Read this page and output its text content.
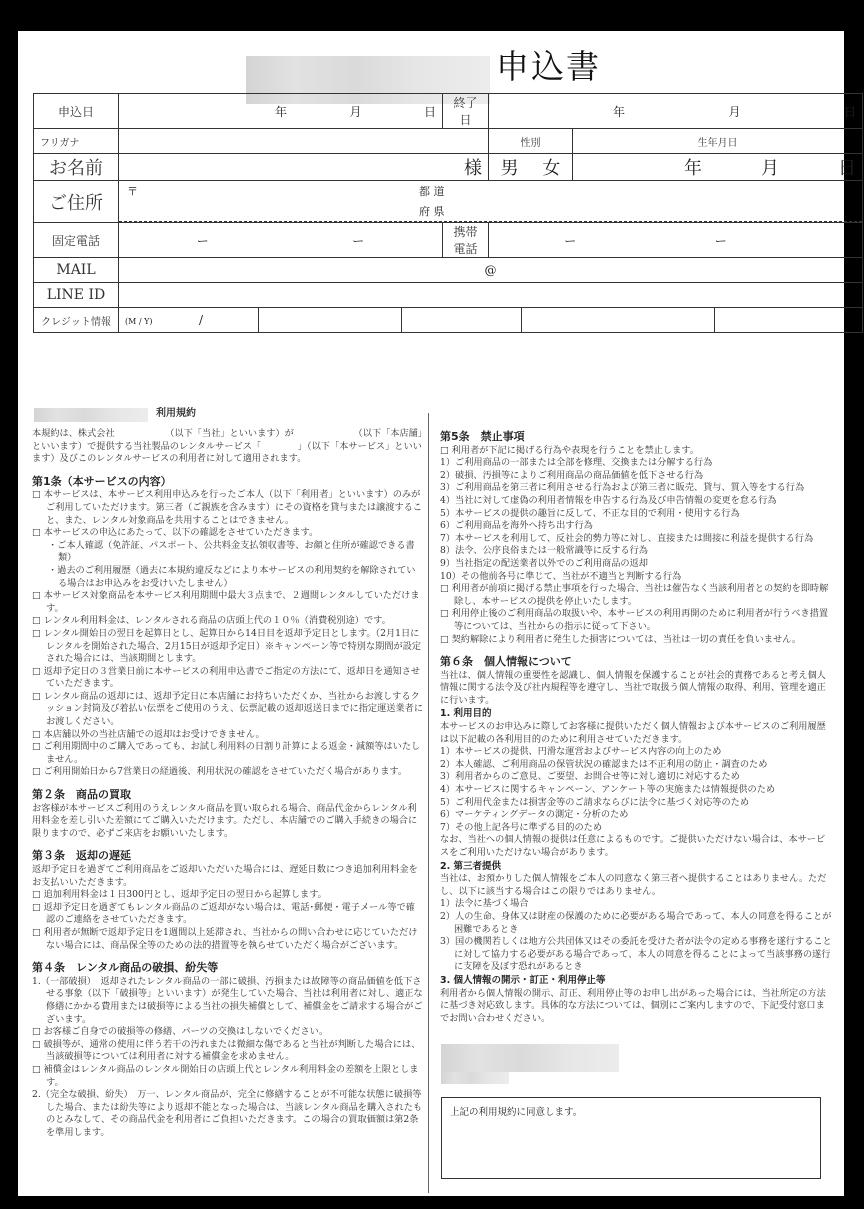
申込書
申込日	年 月 日			終了日	年 月 日			

フリガナ					性別		生年月日	
お名前	様				男 女		年 月 日	

ご住所	〒 都 道
府 県							

固定電話	ー ー			携帯電話	ー ー			

MAIL	@							
LINE ID								
クレジット情報	(M / Y) /							
利用規約

本規約は、株式会社　　　　　　（以下「当社」といいます）が　　　　　　　（以下「本店舗」といいます）で提供する当社製品のレンタルサービス「　　　　」（以下「本サービス」といいます）及びこのレンタルサービスの利用者に対して適用されます。

第1条（本サービスの内容）

□ 本サービスは、本サービス利用申込みを行ったご本人（以下「利用者」といいます）のみがご利用していただけます。第三者（ご親族を含みます）にその資格を貸与または譲渡すること、また、レンタル対象商品を共用することはできません。

□ 本サービスの申込にあたって、以下の確認をさせていただきます。

・ご本人確認（免許証、パスポート、公共料金支払領収書等、お顔と住所が確認できる書類）

・過去のご利用履歴（過去に本規約違反などにより本サービスの利用契約を解除されている場合はお申込みをお受けいたしません）

□ 本サービス対象商品を本サービス利用期間中最大３点まで、２週間レンタルしていただけます。

□ レンタル利用料金は、レンタルされる商品の店頭上代の１０％（消費税別途）です。

□ レンタル開始日の翌日を起算日とし、起算日から14日目を返却予定日とします。（2月1日にレンタルを開始された場合、2月15日が返却予定日）※キャンペーン等で特別な期間が設定された場合には、当該期間とします。

□ 返却予定日の３営業日前に本サービスの利用申込書でご指定の方法にて、返却日を通知させていただきます。

□ レンタル商品の返却には、返却予定日に本店舗にお持ちいただくか、当社からお渡しするクッション封筒及び着払い伝票をご使用のうえ、伝票記載の返却返送日までに指定運送業者にお渡しください。

□ 本店舗以外の当社店舗での返却はお受けできません。

□ ご利用期間中のご購入であっても、お試し利用料の日割り計算による返金・減額等はいたしません。

□ ご利用開始日から7営業日の経過後、利用状況の確認をさせていただく場合があります。

第２条　商品の買取

お客様が本サービスご利用のうえレンタル商品を買い取られる場合、商品代金からレンタル利用料金を差し引いた差額にてご購入いただけます。ただし、本店舗でのご購入手続きの場合に限りますので、必ずご来店をお願いいたします。

第３条　返却の遅延

返却予定日を過ぎてご利用商品をご返却いただいた場合には、遅延日数につき追加利用料金をお支払いいただきます。

□ 追加利用料金は１日300円とし、返却予定日の翌日から起算します。

□ 返却予定日を過ぎてもレンタル商品のご返却がない場合は、電話･郵便・電子メール等で確認のご連絡をさせていただきます。

□ 利用者が無断で返却予定日を1週間以上延滞され、当社からの問い合わせに応じていただけない場合には、商品保全等のための法的措置等を執らせていただく場合がございます。

第４条　レンタル商品の破損、紛失等

1.（一部破損）　返却されたレンタル商品の一部に破損、汚損または故障等の商品価値を低下させる事象（以下「破損等」といいます）が発生していた場合、当社は利用者に対し、適正な修繕にかかる費用または破損等による当社の損失補償として、補償金をご請求する場合がございます。

□ お客様ご自身での破損等の修繕、パーツの交換はしないでください。

□ 破損等が、通常の使用に伴う若干の汚れまたは微細な傷であると当社が判断した場合には、当該破損等については利用者に対する補償金を求めません。

□ 補償金はレンタル商品のレンタル開始日の店頭上代とレンタル利用料金の差額を上限とします。

2.（完全な破損、紛失）　万一、レンタル商品が、完全に修繕することが不可能な状態に破損等した場合、または紛失等により返却不能となった場合は、当該レンタル商品を購入されたものとみなして、その商品代金を利用者にご負担いただきます。この場合の買取価額は第2条を準用します。

第5条　禁止事項

□ 利用者が下記に掲げる行為や表現を行うことを禁止します。

1）ご利用商品の一部または全部を修理、交換または分解する行為

2）破損、汚損等によりご利用商品の商品価値を低下させる行為

3）ご利用商品を第三者に利用させる行為および第三者に販売、貸与、質入等をする行為

4）当社に対して虚偽の利用者情報を申告する行為及び申告情報の変更を怠る行為

5）本サービスの提供の趣旨に反して、不正な目的で利用・使用する行為

6）ご利用商品を海外へ持ち出す行為

7）本サービスを利用して、反社会的勢力等に対し、直接または間接に利益を提供する行為

8）法令、公序良俗または一般常識等に反する行為

9）当社指定の配送業者以外でのご利用商品の返却

10）その他前各号に準じて、当社が不適当と判断する行為

□ 利用者が前項に掲げる禁止事項を行った場合、当社は催告なく当該利用者との契約を即時解除し、本サービスの提供を停止いたします。

□ 利用停止後のご利用商品の取扱いや、本サービスの利用再開のために利用者が行うべき措置等については、当社からの指示に従って下さい。

□ 契約解除により利用者に発生した損害については、当社は一切の責任を負いません。

第６条　個人情報について

当社は、個人情報の重要性を認識し、個人情報を保護することが社会的責務であると考え個人情報に関する法令及び社内規程等を遵守し、当社で取扱う個人情報の取得、利用、管理を適正に行います。

1. 利用目的

本サービスのお申込みに際してお客様に提供いただく個人情報および本サービスのご利用履歴は以下記載の各利用目的のために利用させていただきます。

1）本サービスの提供、円滑な運営およびサービス内容の向上のため

2）本人確認、ご利用商品の保管状況の確認または不正利用の防止・調査のため

3）利用者からのご意見、ご要望、お問合せ等に対し適切に対応するため

4）本サービスに関するキャンペーン、アンケート等の実施または情報提供のため

5）ご利用代金または損害金等のご請求ならびに法令に基づく対応等のため

6）マーケティングデータの測定・分析のため

7）その他上記各号に準ずる目的のため

なお、当社への個人情報の提供は任意によるものです。ご提供いただけない場合は、本サービスをご利用いただけない場合があります。

2. 第三者提供

当社は、お預かりした個人情報をご本人の同意なく第三者へ提供することはありません。ただし、以下に該当する場合はこの限りではありません。

1）法令に基づく場合

2）人の生命、身体又は財産の保護のために必要がある場合であって、本人の同意を得ることが困難であるとき

3）国の機関若しくは地方公共団体又はその委託を受けた者が法令の定める事務を遂行することに対して協力する必要がある場合であって、本人の同意を得ることによって当該事務の遂行に支障を及ぼす恐れがあるとき

3. 個人情報の開示・訂正・利用停止等

利用者から個人情報の開示、訂正、利用停止等のお申し出があった場合には、当社所定の方法に基づき対応致します。具体的な方法については、個別にご案内しますので、下記受付窓口までお問い合わせください。

上記の利用規約に同意します。
